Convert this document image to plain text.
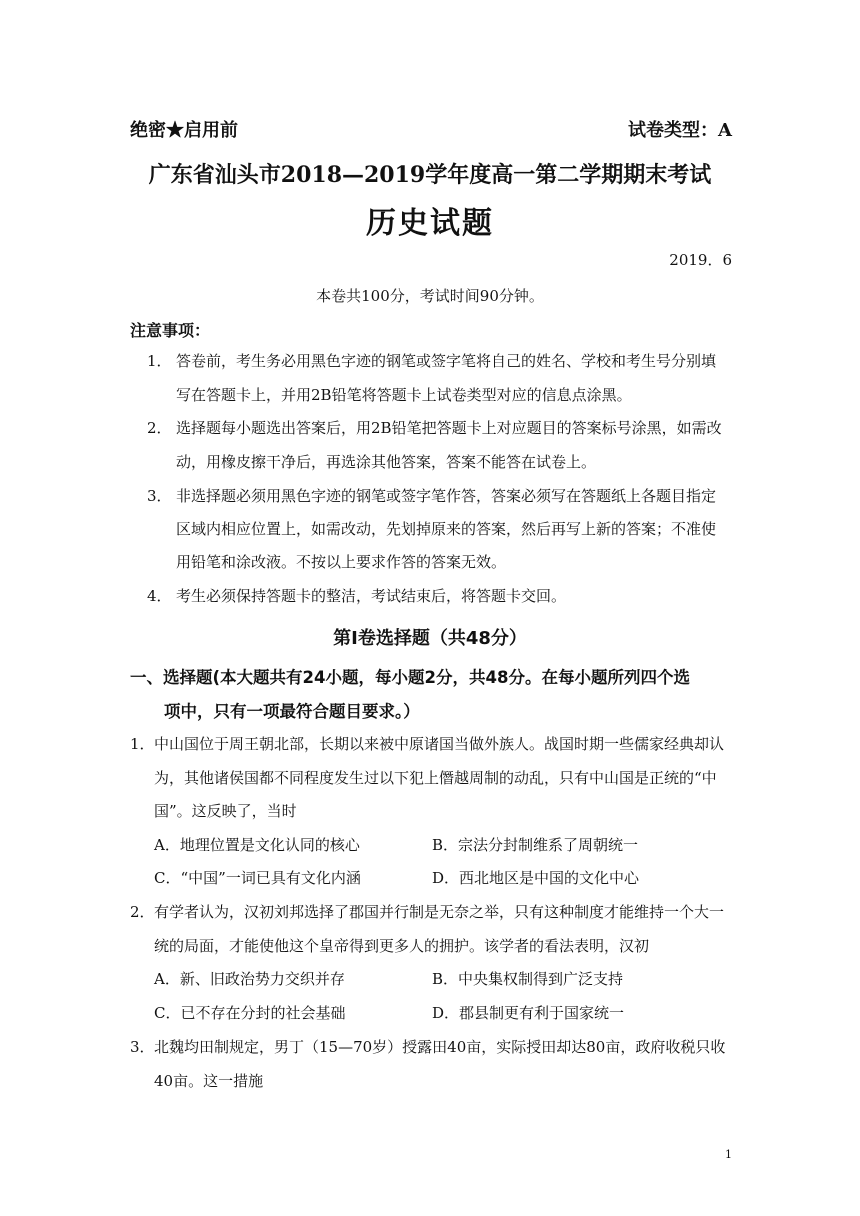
绝密★启用前	试卷类型：A
广东省汕头市2018—2019学年度高一第二学期期末考试
历史试题
2019．6
本卷共100分，考试时间90分钟。
注意事项：
1． 答卷前，考生务必用黑色字迹的钢笔或签字笔将自己的姓名、学校和考生号分别填
写在答题卡上，并用2B铅笔将答题卡上试卷类型对应的信息点涂黑。
2． 选择题每小题选出答案后，用2B铅笔把答题卡上对应题目的答案标号涂黑，如需改
动，用橡皮擦干净后，再选涂其他答案，答案不能答在试卷上。
3． 非选择题必须用黑色字迹的钢笔或签字笔作答，答案必须写在答题纸上各题目指定
区域内相应位置上，如需改动，先划掉原来的答案，然后再写上新的答案；不准使
用铅笔和涂改液。不按以上要求作答的答案无效。
4． 考生必须保持答题卡的整洁，考试结束后，将答题卡交回。
第Ⅰ卷选择题（共48分）
一、选择题(本大题共有24小题，每小题2分，共48分。在每小题所列四个选
项中，只有一项最符合题目要求。）
1． 中山国位于周王朝北部，长期以来被中原诸国当做外族人。战国时期一些儒家经典却认
为，其他诸侯国都不同程度发生过以下犯上僭越周制的动乱，只有中山国是正统的“中
国”。这反映了，当时
A．地理位置是文化认同的核心	B．宗法分封制维系了周朝统一
C．“中国”一词已具有文化内涵	D．西北地区是中国的文化中心
2． 有学者认为，汉初刘邦选择了郡国并行制是无奈之举，只有这种制度才能维持一个大一
统的局面，才能使他这个皇帝得到更多人的拥护。该学者的看法表明，汉初
A．新、旧政治势力交织并存	B．中央集权制得到广泛支持
C．已不存在分封的社会基础	D．郡县制更有利于国家统一
3． 北魏均田制规定，男丁（15—70岁）授露田40亩，实际授田却达80亩，政府收税只收
40亩。这一措施
1
